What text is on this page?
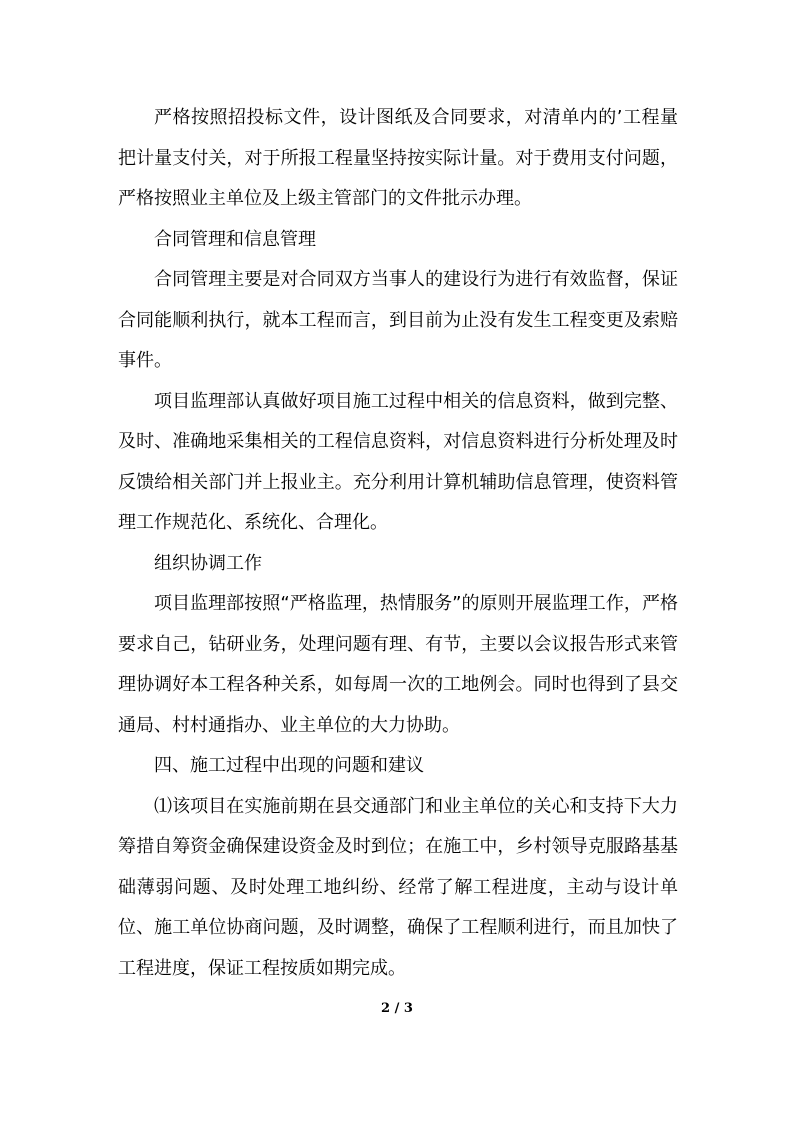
严格按照招投标文件，设计图纸及合同要求，对清单内的’工程量把计量支付关，对于所报工程量坚持按实际计量。对于费用支付问题，严格按照业主单位及上级主管部门的文件批示办理。

合同管理和信息管理

合同管理主要是对合同双方当事人的建设行为进行有效监督，保证合同能顺利执行，就本工程而言，到目前为止没有发生工程变更及索赔事件。

项目监理部认真做好项目施工过程中相关的信息资料，做到完整、及时、准确地采集相关的工程信息资料，对信息资料进行分析处理及时反馈给相关部门并上报业主。充分利用计算机辅助信息管理，使资料管理工作规范化、系统化、合理化。

组织协调工作

项目监理部按照“严格监理，热情服务”的原则开展监理工作，严格要求自己，钻研业务，处理问题有理、有节，主要以会议报告形式来管理协调好本工程各种关系，如每周一次的工地例会。同时也得到了县交通局、村村通指办、业主单位的大力协助。

四、施工过程中出现的问题和建议

⑴该项目在实施前期在县交通部门和业主单位的关心和支持下大力筹措自筹资金确保建设资金及时到位；在施工中，乡村领导克服路基基础薄弱问题、及时处理工地纠纷、经常了解工程进度，主动与设计单位、施工单位协商问题，及时调整，确保了工程顺利进行，而且加快了工程进度，保证工程按质如期完成。

2 / 3
